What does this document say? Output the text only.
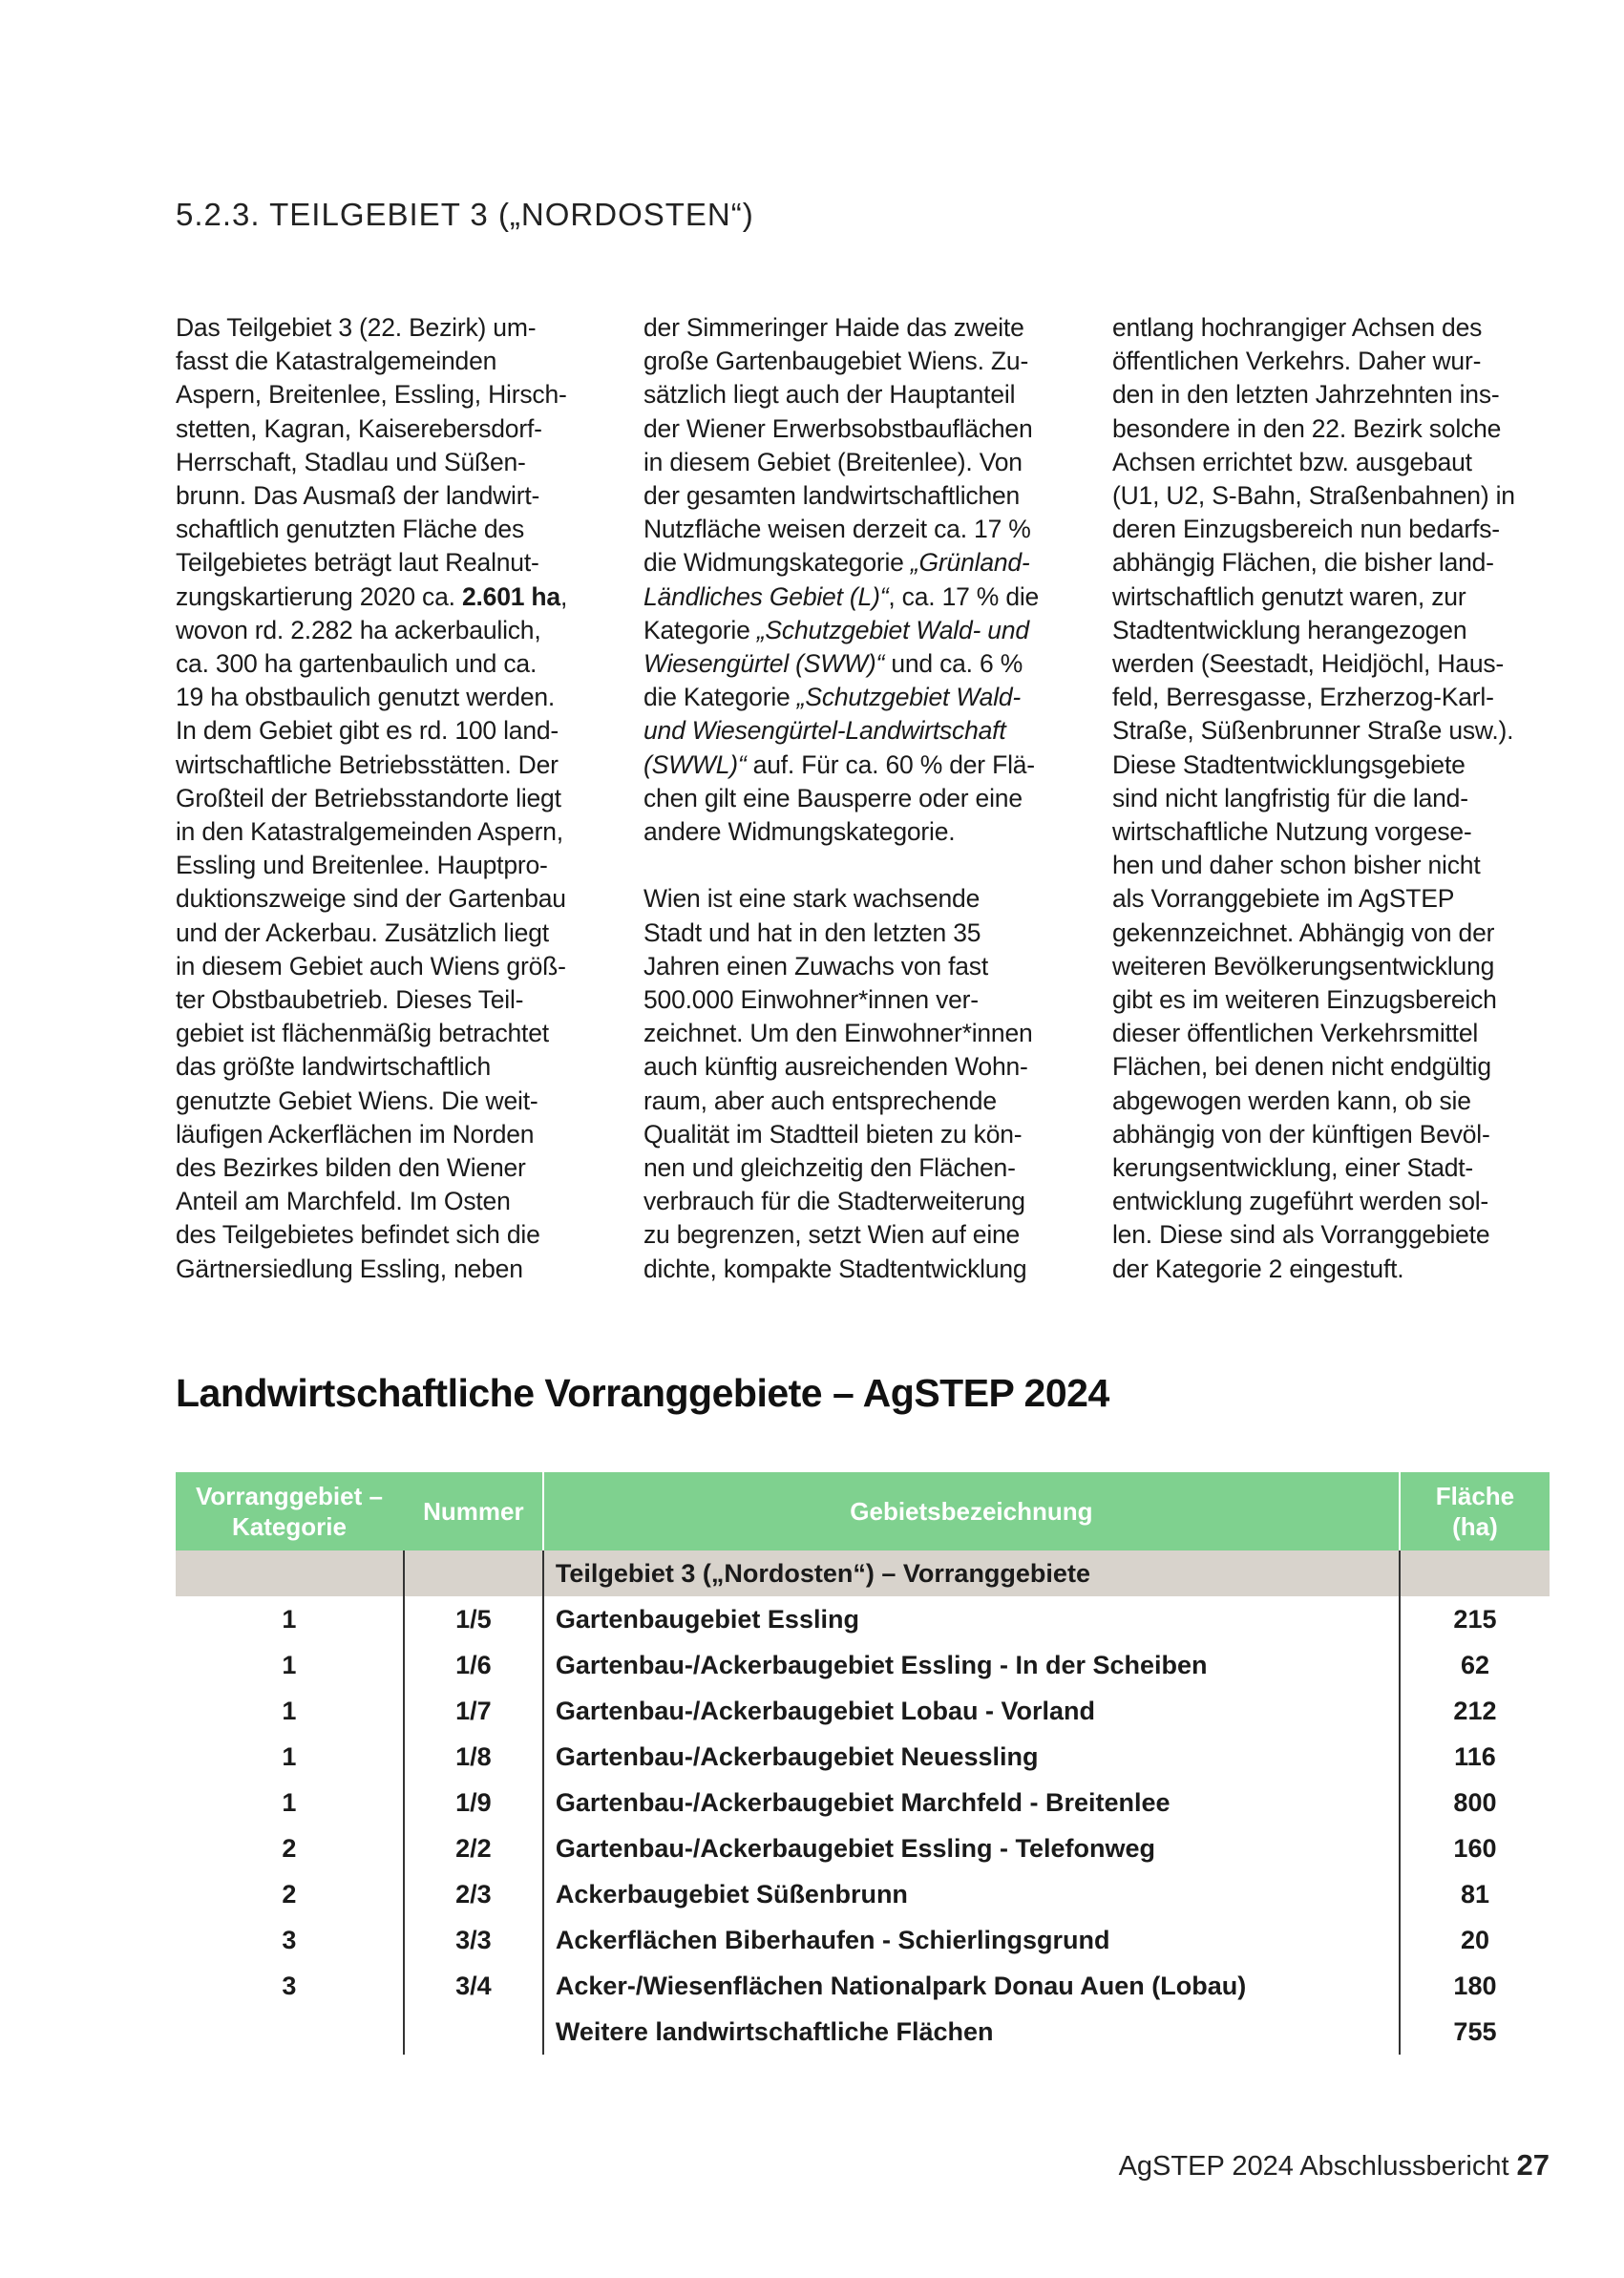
5.2.3. TEILGEBIET 3 („NORDOSTEN“)

Das Teilgebiet 3 (22. Bezirk) um-
fasst die Katastralgemeinden
Aspern, Breitenlee, Essling, Hirsch-
stetten, Kagran, Kaiserebersdorf-
Herrschaft, Stadlau und Süßen-
brunn. Das Ausmaß der landwirt-
schaftlich genutzten Fläche des
Teilgebietes beträgt laut Realnut-
zungskartierung 2020 ca. 2.601 ha,
wovon rd. 2.282 ha ackerbaulich,
ca. 300 ha gartenbaulich und ca.
19 ha obstbaulich genutzt werden.
In dem Gebiet gibt es rd. 100 land-
wirtschaftliche Betriebsstätten. Der
Großteil der Betriebsstandorte liegt
in den Katastralgemeinden Aspern,
Essling und Breitenlee. Hauptpro-
duktionszweige sind der Gartenbau
und der Ackerbau. Zusätzlich liegt
in diesem Gebiet auch Wiens größ-
ter Obstbaubetrieb. Dieses Teil-
gebiet ist flächenmäßig betrachtet
das größte landwirtschaftlich
genutzte Gebiet Wiens. Die weit-
läufigen Ackerflächen im Norden
des Bezirkes bilden den Wiener
Anteil am Marchfeld. Im Osten
des Teilgebietes befindet sich die
Gärtnersiedlung Essling, neben

der Simmeringer Haide das zweite
große Gartenbaugebiet Wiens. Zu-
sätzlich liegt auch der Hauptanteil
der Wiener Erwerbsobstbauflächen
in diesem Gebiet (Breitenlee). Von
der gesamten landwirtschaftlichen
Nutzfläche weisen derzeit ca. 17 %
die Widmungskategorie „Grünland-
Ländliches Gebiet (L)“, ca. 17 % die
Kategorie „Schutzgebiet Wald- und
Wiesengürtel (SWW)“ und ca. 6 %
die Kategorie „Schutzgebiet Wald-
und Wiesengürtel-Landwirtschaft
(SWWL)“ auf. Für ca. 60 % der Flä-
chen gilt eine Bausperre oder eine
andere Widmungskategorie.

Wien ist eine stark wachsende
Stadt und hat in den letzten 35
Jahren einen Zuwachs von fast
500.000 Einwohner*innen ver-
zeichnet. Um den Einwohner*innen
auch künftig ausreichenden Wohn-
raum, aber auch entsprechende
Qualität im Stadtteil bieten zu kön-
nen und gleichzeitig den Flächen-
verbrauch für die Stadterweiterung
zu begrenzen, setzt Wien auf eine
dichte, kompakte Stadtentwicklung

entlang hochrangiger Achsen des
öffentlichen Verkehrs. Daher wur-
den in den letzten Jahrzehnten ins-
besondere in den 22. Bezirk solche
Achsen errichtet bzw. ausgebaut
(U1, U2, S-Bahn, Straßenbahnen) in
deren Einzugsbereich nun bedarfs-
abhängig Flächen, die bisher land-
wirtschaftlich genutzt waren, zur
Stadtentwicklung herangezogen
werden (Seestadt, Heidjöchl, Haus-
feld, Berresgasse, Erzherzog-Karl-
Straße, Süßenbrunner Straße usw.).
Diese Stadtentwicklungsgebiete
sind nicht langfristig für die land-
wirtschaftliche Nutzung vorgese-
hen und daher schon bisher nicht
als Vorranggebiete im AgSTEP
gekennzeichnet. Abhängig von der
weiteren Bevölkerungsentwicklung
gibt es im weiteren Einzugsbereich
dieser öffentlichen Verkehrsmittel
Flächen, bei denen nicht endgültig
abgewogen werden kann, ob sie
abhängig von der künftigen Bevöl-
kerungsentwicklung, einer Stadt-
entwicklung zugeführt werden sol-
len. Diese sind als Vorranggebiete
der Kategorie 2 eingestuft.

Landwirtschaftliche Vorranggebiete – AgSTEP 2024
Vorranggebiet –
Kategorie	Nummer	Gebietsbezeichnung	Fläche
(ha)
		Teilgebiet 3 („Nordosten“) – Vorranggebiete	
1	1/5	Gartenbaugebiet Essling	215
1	1/6	Gartenbau-/Ackerbaugebiet Essling - In der Scheiben	62
1	1/7	Gartenbau-/Ackerbaugebiet Lobau - Vorland	212
1	1/8	Gartenbau-/Ackerbaugebiet Neuessling	116
1	1/9	Gartenbau-/Ackerbaugebiet Marchfeld - Breitenlee	800
2	2/2	Gartenbau-/Ackerbaugebiet Essling - Telefonweg	160
2	2/3	Ackerbaugebiet Süßenbrunn	81
3	3/3	Ackerflächen Biberhaufen - Schierlingsgrund	20
3	3/4	Acker-/Wiesenflächen Nationalpark Donau Auen (Lobau)	180
		Weitere landwirtschaftliche Flächen	755
AgSTEP 2024 Abschlussbericht 27
